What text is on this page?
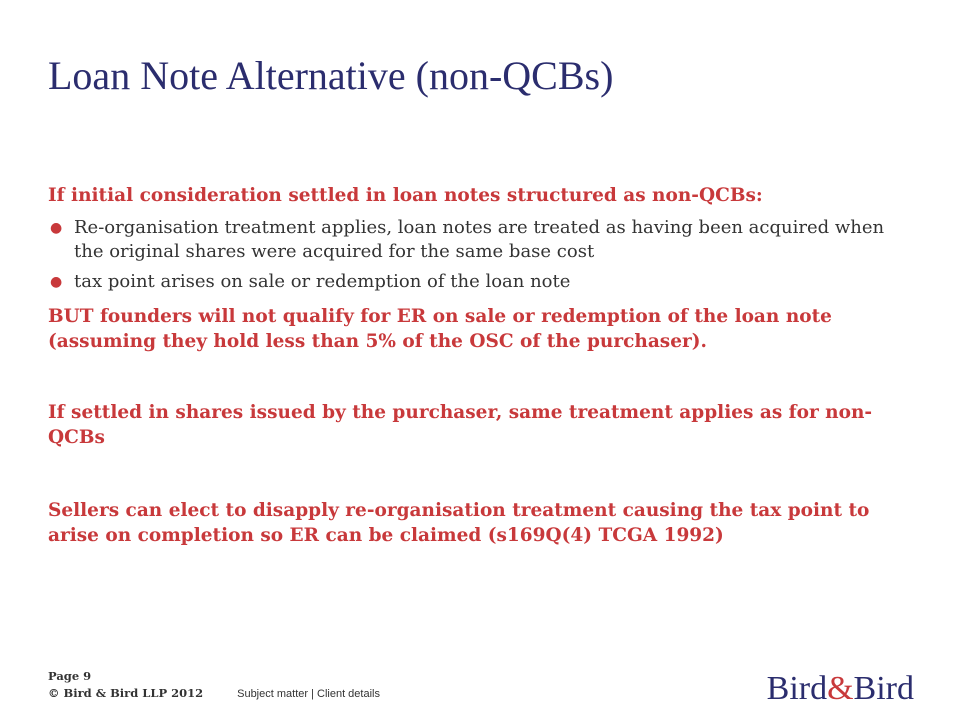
Loan Note Alternative (non-QCBs)

If initial consideration settled in loan notes structured as non-QCBs:

● Re-organisation treatment applies, loan notes are treated as having been acquired when the original shares were acquired for the same base cost
● tax point arises on sale or redemption of the loan note

BUT founders will not qualify for ER on sale or redemption of the loan note (assuming they hold less than 5% of the OSC of the purchaser).

If settled in shares issued by the purchaser, same treatment applies as for non-QCBs

Sellers can elect to disapply re-organisation treatment causing the tax point to arise on completion so ER can be claimed (s169Q(4) TCGA 1992)

Page 9
© Bird & Bird LLP 2012	Subject matter | Client details	Bird&Bird
